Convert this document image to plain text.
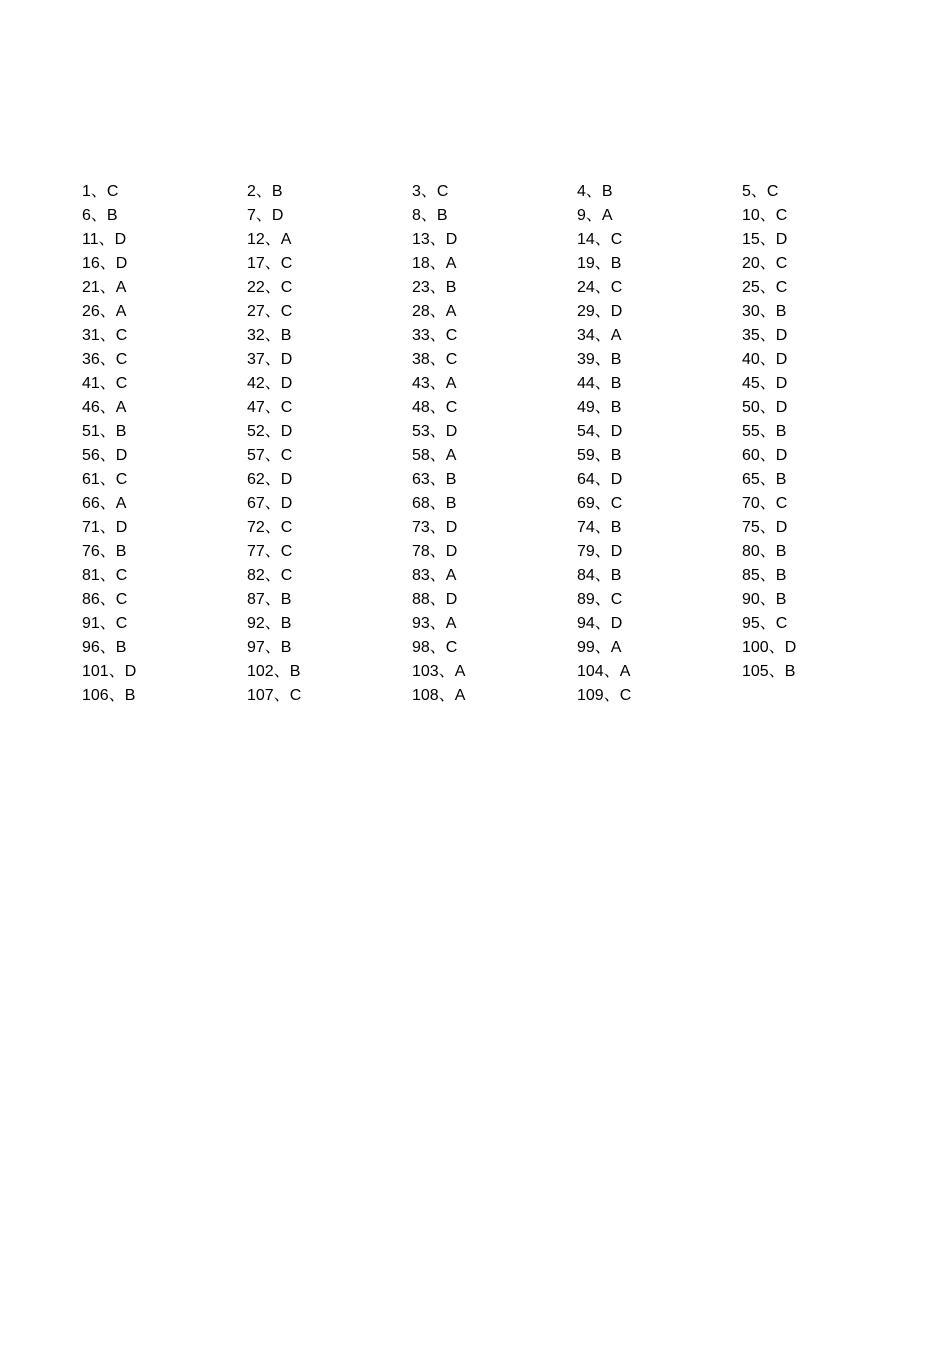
1、C	2、B	3、C	4、B	5、C
6、B	7、D	8、B	9、A	10、C
11、D	12、A	13、D	14、C	15、D
16、D	17、C	18、A	19、B	20、C
21、A	22、C	23、B	24、C	25、C
26、A	27、C	28、A	29、D	30、B
31、C	32、B	33、C	34、A	35、D
36、C	37、D	38、C	39、B	40、D
41、C	42、D	43、A	44、B	45、D
46、A	47、C	48、C	49、B	50、D
51、B	52、D	53、D	54、D	55、B
56、D	57、C	58、A	59、B	60、D
61、C	62、D	63、B	64、D	65、B
66、A	67、D	68、B	69、C	70、C
71、D	72、C	73、D	74、B	75、D
76、B	77、C	78、D	79、D	80、B
81、C	82、C	83、A	84、B	85、B
86、C	87、B	88、D	89、C	90、B
91、C	92、B	93、A	94、D	95、C
96、B	97、B	98、C	99、A	100、D
101、D	102、B	103、A	104、A	105、B
106、B	107、C	108、A	109、C
